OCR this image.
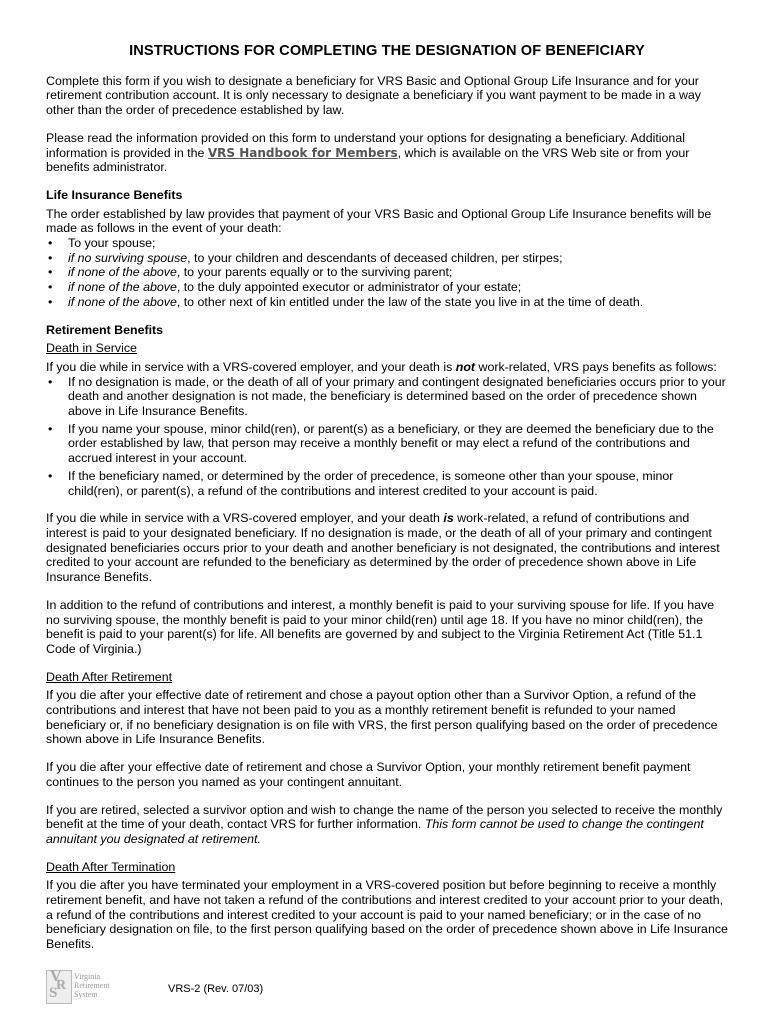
INSTRUCTIONS FOR COMPLETING THE DESIGNATION OF BENEFICIARY

Complete this form if you wish to designate a beneficiary for VRS Basic and Optional Group Life Insurance and for your retirement contribution account. It is only necessary to designate a beneficiary if you want payment to be made in a way other than the order of precedence established by law.

Please read the information provided on this form to understand your options for designating a beneficiary. Additional information is provided in the VRS Handbook for Members, which is available on the VRS Web site or from your benefits administrator.

Life Insurance Benefits
The order established by law provides that payment of your VRS Basic and Optional Group Life Insurance benefits will be made as follows in the event of your death:
• To your spouse;
• if no surviving spouse, to your children and descendants of deceased children, per stirpes;
• if none of the above, to your parents equally or to the surviving parent;
• if none of the above, to the duly appointed executor or administrator of your estate;
• if none of the above, to other next of kin entitled under the law of the state you live in at the time of death.

Retirement Benefits

Death in Service
If you die while in service with a VRS-covered employer, and your death is not work-related, VRS pays benefits as follows:
• If no designation is made, or the death of all of your primary and contingent designated beneficiaries occurs prior to your death and another designation is not made, the beneficiary is determined based on the order of precedence shown above in Life Insurance Benefits.
• If you name your spouse, minor child(ren), or parent(s) as a beneficiary, or they are deemed the beneficiary due to the order established by law, that person may receive a monthly benefit or may elect a refund of the contributions and accrued interest in your account.
• If the beneficiary named, or determined by the order of precedence, is someone other than your spouse, minor child(ren), or parent(s), a refund of the contributions and interest credited to your account is paid.

If you die while in service with a VRS-covered employer, and your death is work-related, a refund of contributions and interest is paid to your designated beneficiary. If no designation is made, or the death of all of your primary and contingent designated beneficiaries occurs prior to your death and another beneficiary is not designated, the contributions and interest credited to your account are refunded to the beneficiary as determined by the order of precedence shown above in Life Insurance Benefits.

In addition to the refund of contributions and interest, a monthly benefit is paid to your surviving spouse for life. If you have no surviving spouse, the monthly benefit is paid to your minor child(ren) until age 18. If you have no minor child(ren), the benefit is paid to your parent(s) for life. All benefits are governed by and subject to the Virginia Retirement Act (Title 51.1 Code of Virginia.)

Death After Retirement

If you die after your effective date of retirement and chose a payout option other than a Survivor Option, a refund of the contributions and interest that have not been paid to you as a monthly retirement benefit is refunded to your named beneficiary or, if no beneficiary designation is on file with VRS, the first person qualifying based on the order of precedence shown above in Life Insurance Benefits.

If you die after your effective date of retirement and chose a Survivor Option, your monthly retirement benefit payment continues to the person you named as your contingent annuitant.

If you are retired, selected a survivor option and wish to change the name of the person you selected to receive the monthly benefit at the time of your death, contact VRS for further information. This form cannot be used to change the contingent annuitant you designated at retirement.

Death After Termination

If you die after you have terminated your employment in a VRS-covered position but before beginning to receive a monthly retirement benefit, and have not taken a refund of the contributions and interest credited to your account prior to your death, a refund of the contributions and interest credited to your account is paid to your named beneficiary; or in the case of no beneficiary designation on file, to the first person qualifying based on the order of precedence shown above in Life Insurance Benefits.

V
R
S
Virginia
Retirement
System	VRS-2 (Rev. 07/03)
